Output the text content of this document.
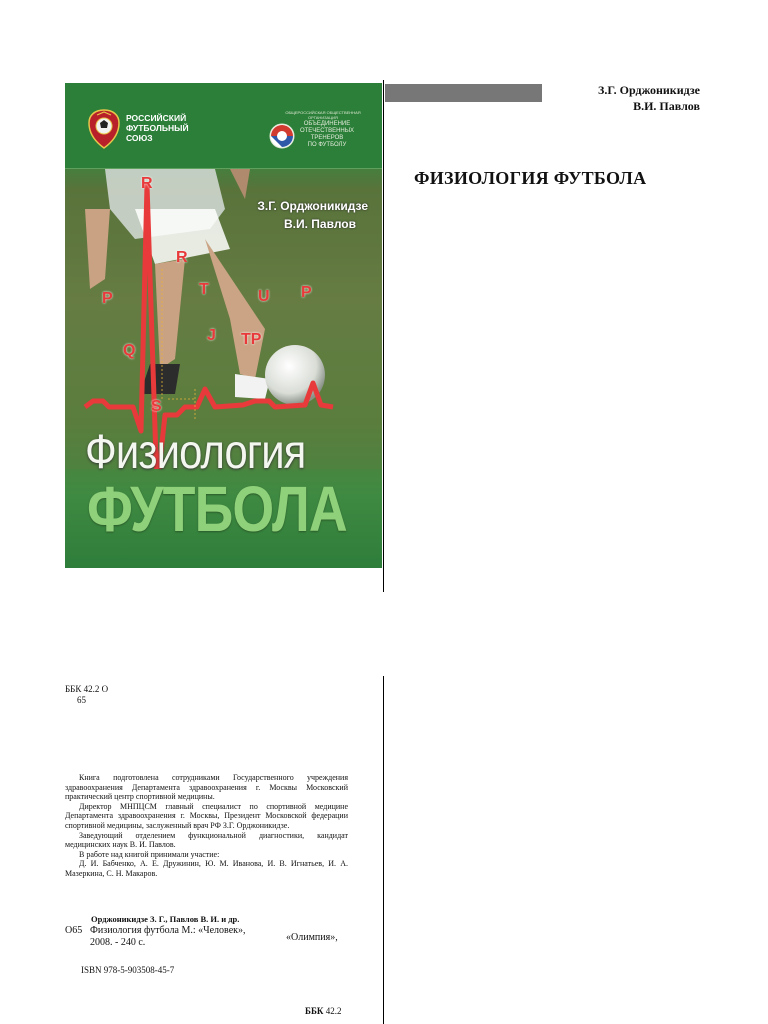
РОССИЙСКИЙ
ФУТБОЛЬНЫЙ
СОЮЗ
ОБЩЕРОССИЙСКАЯ ОБЩЕСТВЕННАЯ ОРГАНИЗАЦИЯ
ОБЪЕДИНЕНИЕ
ОТЕЧЕСТВЕННЫХ
ТРЕНЕРОВ
ПО ФУТБОЛУ
R
R
P
T	U P
Q
J TP
S
З.Г. Орджоникидзе
В.И. Павлов
Физиология
ФУТБОЛА
З.Г. Орджоникидзе
В.И. Павлов
ФИЗИОЛОГИЯ ФУТБОЛА
ББК 42.2 О
65

Книга подготовлена сотрудниками Государственного учреждения здравоохранения Департамента здравоохранения г. Москвы Московский практический центр спортивной медицины.

Директор МНПЦСМ главный специалист по спортивной медицине Департамента здравоохранения г. Москвы, Президент Московской федерации спортивной медицины, заслуженный врач РФ З.Г. Орджоникидзе.

Заведующий отделением функциональной диагностики, кандидат медицинских наук В. И. Павлов.

В работе над книгой принимали участие:

Д. И. Бабченко, А. Е. Дружинин, Ю. М. Иванова, И. В. Игнатьев, И. А. Мазеркина, С. Н. Макаров.

Орджоникидзе З. Г., Павлов В. И. и др.
О65 Физиология футбола М.: «Человек»,
2008. - 240 с.	«Олимпия»,
ISBN 978-5-903508-45-7
ББК 42.2
